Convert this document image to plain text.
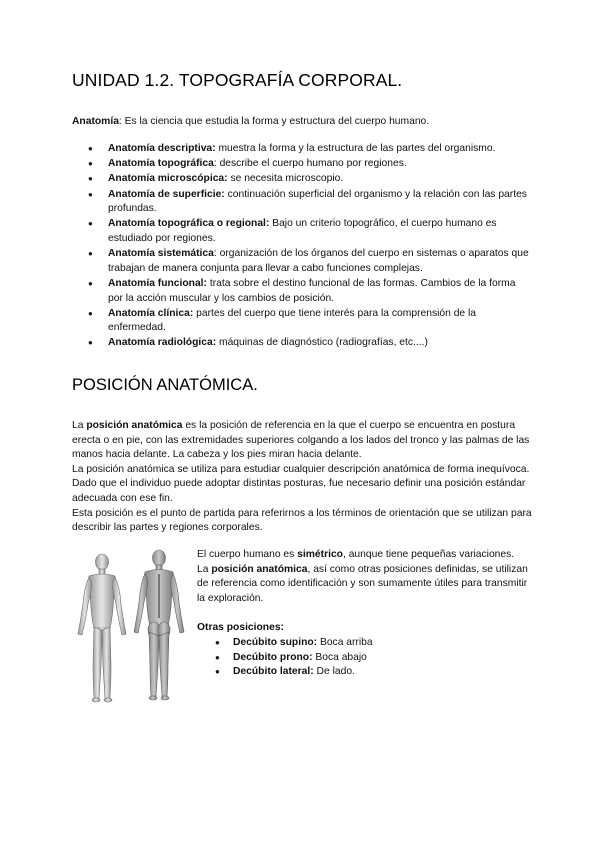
UNIDAD 1.2. TOPOGRAFÍA CORPORAL.

Anatomía: Es la ciencia que estudia la forma y estructura del cuerpo humano.

● Anatomía descriptiva: muestra la forma y la estructura de las partes del organismo.
● Anatomía topográfica: describe el cuerpo humano por regiones.
● Anatomía microscópica: se necesita microscopio.
● Anatomía de superficie: continuación superficial del organismo y la relación con las partes profundas.
● Anatomía topográfica o regional: Bajo un criterio topográfico, el cuerpo humano es estudiado por regiones.
● Anatomía sistemática: organización de los órganos del cuerpo en sistemas o aparatos que trabajan de manera conjunta para llevar a cabo funciones complejas.
● Anatomía funcional: trata sobre el destino funcional de las formas. Cambios de la forma por la acción muscular y los cambios de posición.
● Anatomía clínica: partes del cuerpo que tiene interés para la comprensión de la enfermedad.
● Anatomía radiológica: máquinas de diagnóstico (radiografías, etc....)
POSICIÓN ANATÓMICA.

La posición anatómica es la posición de referencia en la que el cuerpo se encuentra en postura erecta o en pie, con las extremidades superiores colgando a los lados del tronco y las palmas de las manos hacia delante. La cabeza y los pies miran hacia delante.

La posición anatómica se utiliza para estudiar cualquier descripción anatómica de forma inequívoca. Dado que el individuo puede adoptar distintas posturas, fue necesario definir una posición estándar adecuada con ese fin.

Esta posición es el punto de partida para referirnos a los términos de orientación que se utilizan para describir las partes y regiones corporales.

El cuerpo humano es simétrico, aunque tiene pequeñas variaciones.

La posición anatómica, así como otras posiciones definidas, se utilizan de referencia como identificación y son sumamente útiles para transmitir la exploración.

Otras posiciones:

● Decúbito supino: Boca arriba
● Decúbito prono: Boca abajo
● Decúbito lateral: De lado.
